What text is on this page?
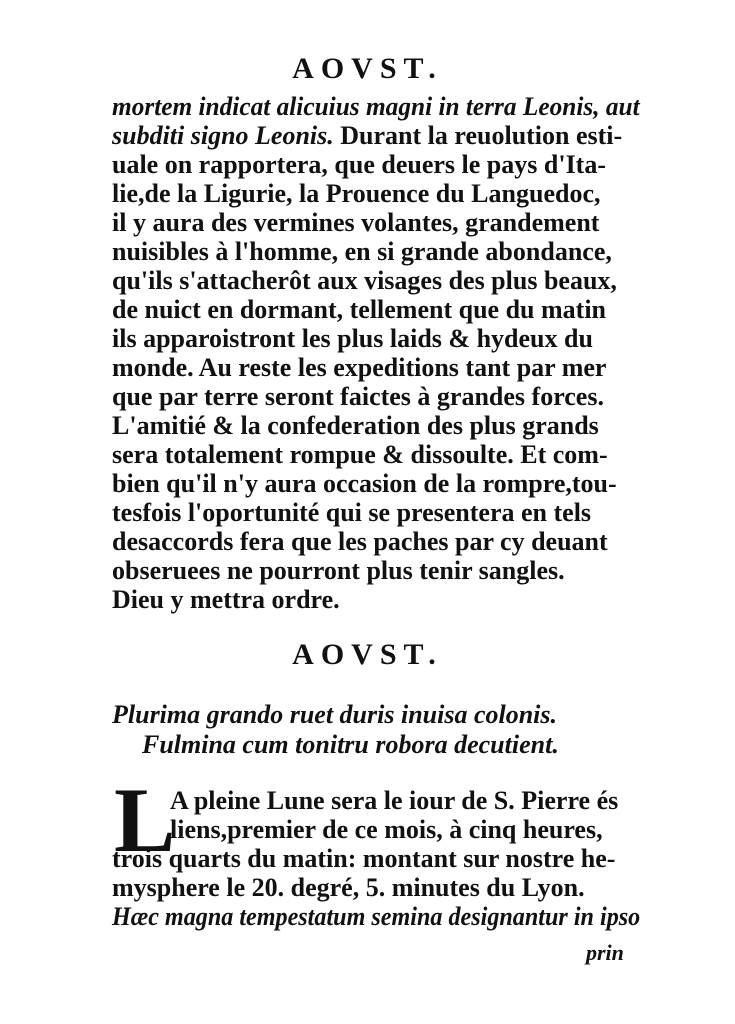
AOVST.
mortem indicat alicuius magni in terra Leonis, aut
subditi signo Leonis. Durant la reuolution esti-
uale on rapportera, que deuers le pays d'Ita-
lie,de la Ligurie, la Prouence du Languedoc,
il y aura des vermines volantes, grandement
nuisibles à l'homme, en si grande abondance,
qu'ils s'attacherôt aux visages des plus beaux,
de nuict en dormant, tellement que du matin
ils apparoistront les plus laids & hydeux du
monde. Au reste les expeditions tant par mer
que par terre seront faictes à grandes forces.
L'amitié & la confederation des plus grands
sera totalement rompue & dissoulte. Et com-
bien qu'il n'y aura occasion de la rompre,tou-
tesfois l'oportunité qui se presentera en tels
desaccords fera que les paches par cy deuant
obseruees ne pourront plus tenir sangles.
Dieu y mettra ordre.
AOVST.
Plurima grando ruet duris inuisa colonis.
Fulmina cum tonitru robora decutient.
L
A pleine Lune sera le iour de S. Pierre és
liens,premier de ce mois, à cinq heures,
trois quarts du matin: montant sur nostre he-
mysphere le 20. degré, 5. minutes du Lyon.
Hæc magna tempestatum semina designantur in ipso
prin
